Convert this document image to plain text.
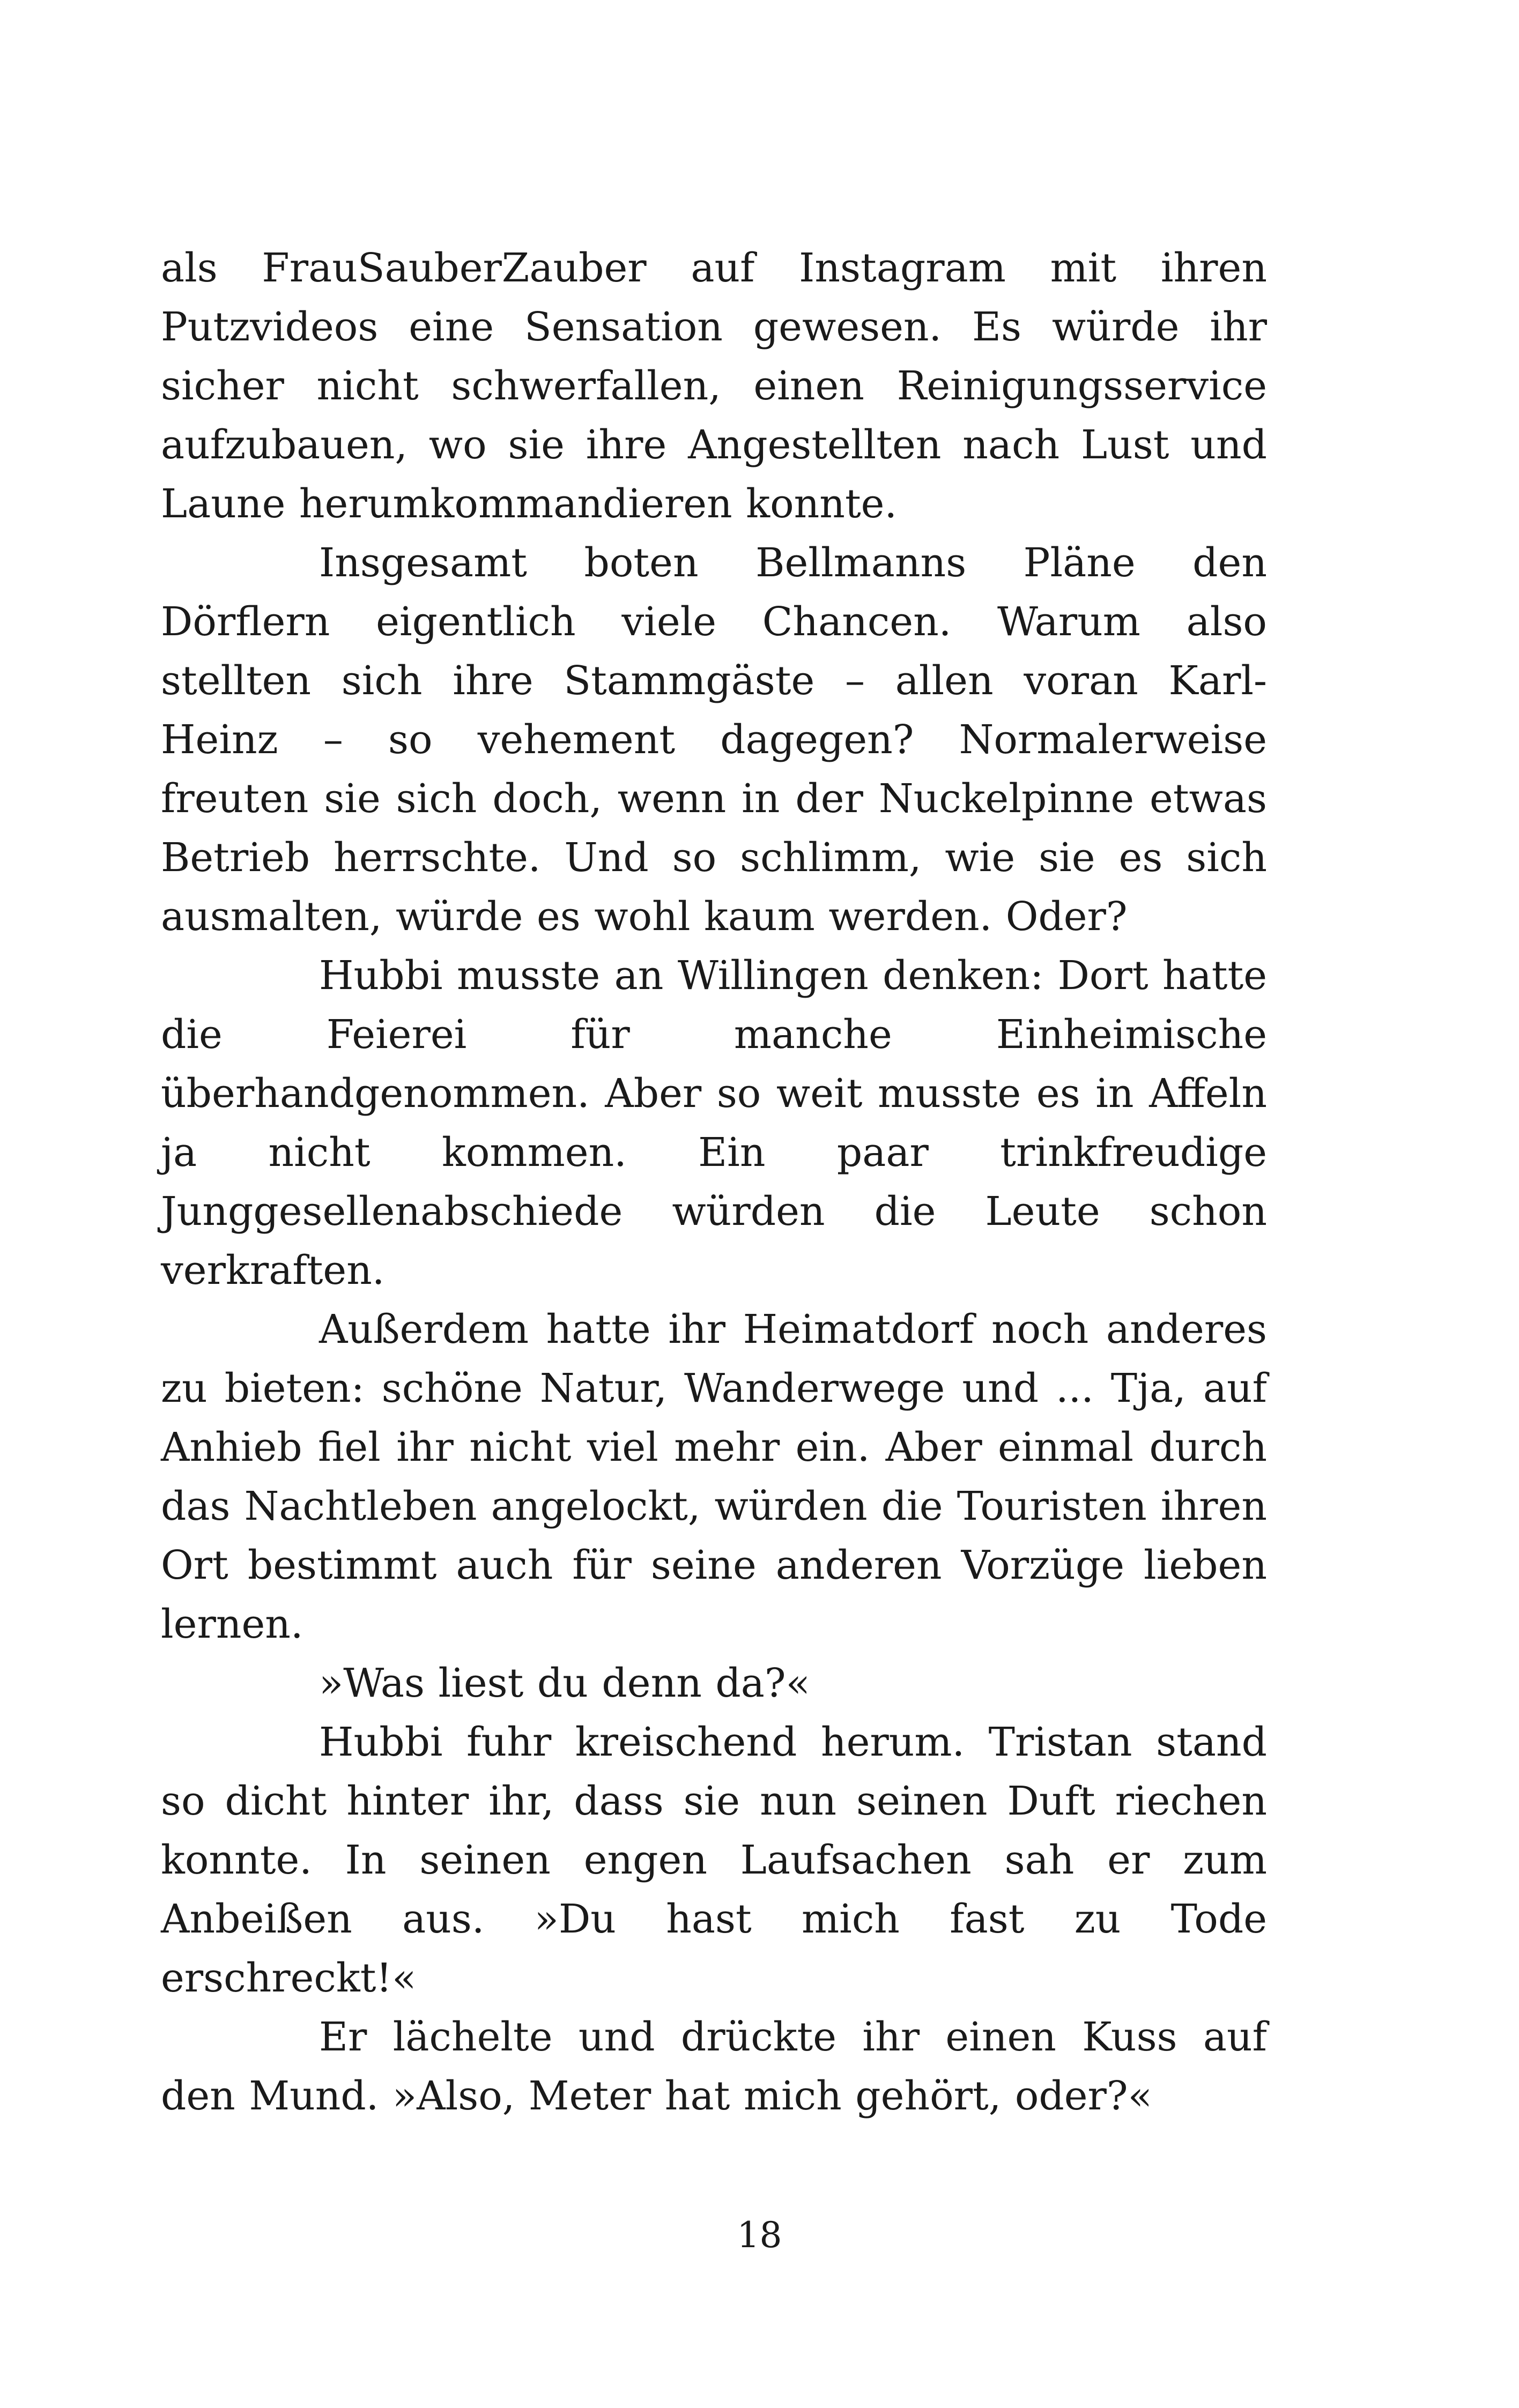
als FrauSauberZauber auf Instagram mit ihren Putzvideos eine Sensation gewesen. Es würde ihr sicher nicht schwerfallen, einen Reinigungsservice aufzubauen, wo sie ihre Angestellten nach Lust und Laune herumkommandieren konnte.

Insgesamt boten Bellmanns Pläne den Dörflern eigentlich viele Chancen. Warum also stellten sich ihre Stammgäste – allen voran Karl-Heinz – so vehement dagegen? Normalerweise freuten sie sich doch, wenn in der Nuckelpinne etwas Betrieb herrschte. Und so schlimm, wie sie es sich ausmalten, würde es wohl kaum werden. Oder?

Hubbi musste an Willingen denken: Dort hatte die Feierei für manche Einheimische überhandgenommen. Aber so weit musste es in Affeln ja nicht kommen. Ein paar trinkfreudige Junggesellenabschiede würden die Leute schon verkraften.

Außerdem hatte ihr Heimatdorf noch anderes zu bieten: schöne Natur, Wanderwege und ... Tja, auf Anhieb fiel ihr nicht viel mehr ein. Aber einmal durch das Nachtleben angelockt, würden die Touristen ihren Ort bestimmt auch für seine anderen Vorzüge lieben lernen.

»Was liest du denn da?«

Hubbi fuhr kreischend herum. Tristan stand so dicht hinter ihr, dass sie nun seinen Duft riechen konnte. In seinen engen Laufsachen sah er zum Anbeißen aus. »Du hast mich fast zu Tode erschreckt!«

Er lächelte und drückte ihr einen Kuss auf den Mund. »Also, Meter hat mich gehört, oder?«

18
